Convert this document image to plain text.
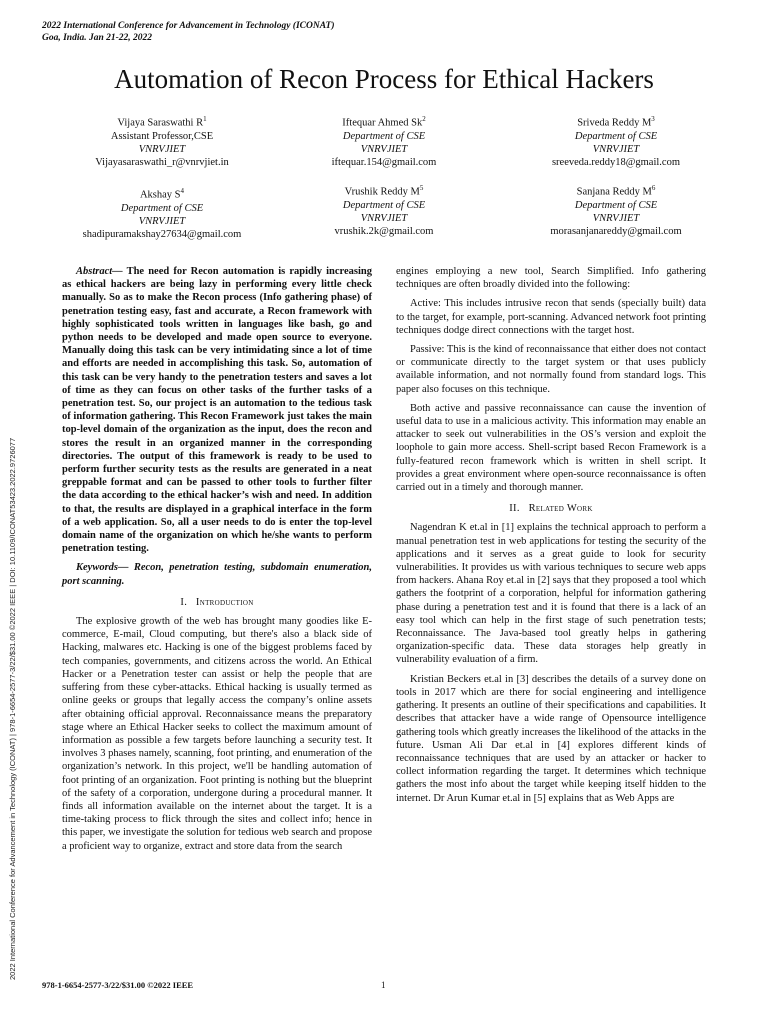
2022 International Conference for Advancement in Technology (ICONAT)
Goa, India. Jan 21-22, 2022
Automation of Recon Process for Ethical Hackers
Vijaya Saraswathi $R^1$
Assistant Professor,CSE
VNRVJIET
Vijayasaraswathi_r@vnrvjiet.in
Iftequar Ahmed Sk$^2$
Department of CSE
VNRVJIET
iftequar.154@gmail.com
Sriveda Reddy $M^3$
Department of CSE
VNRVJIET
sreeveda.reddy18@gmail.com
Akshay $S^4$
Department of CSE
VNRVJIET
shadipuramakshay27634@gmail.com
Vrushik Reddy $M^5$
Department of CSE
VNRVJIET
vrushik.2k@gmail.com
Sanjana Reddy $M^6$
Department of CSE
VNRVJIET
morasanjanareddy@gmail.com

Abstract— The need for Recon automation is rapidly increasing as ethical hackers are being lazy in performing every little check manually. So as to make the Recon process (Info gathering phase) of penetration testing easy, fast and accurate, a Recon framework with highly sophisticated tools written in languages like bash, go and python needs to be developed and made open source to everyone. Manually doing this task can be very intimidating since a lot of time and efforts are needed in accomplishing this task. So, automation of this task can be very handy to the penetration testers and saves a lot of time as they can focus on other tasks of the further tasks of a penetration test. So, our project is an automation to the tedious task of information gathering. This Recon Framework just takes the main top-level domain of the organization as the input, does the recon and stores the result in an organized manner in the corresponding directories. The output of this framework is ready to be used to perform further security tests as the results are generated in a neat greppable format and can be passed to other tools to further filter the data according to the ethical hacker’s wish and need. In addition to that, the results are displayed in a graphical interface in the form of a web application. So, all a user needs to do is enter the top-level domain name of the organization on which he/she wants to perform penetration testing.

Keywords— Recon, penetration testing, subdomain enumeration, port scanning.

I. Introduction

The explosive growth of the web has brought many goodies like E-commerce, E-mail, Cloud computing, but there's also a black side of Hacking, malwares etc. Hacking is one of the biggest problems faced by tech companies, governments, and citizens across the world. An Ethical Hacker or a Penetration tester can assist or help the people that are suffering from these cyber-attacks. Ethical hacking is usually termed as online geeks or groups that legally access the company’s online assets after obtaining official approval. Reconnaissance means the preparatory stage where an Ethical Hacker seeks to collect the maximum amount of information as possible a few targets before launching a security test. It involves 3 phases namely, scanning, foot printing, and enumeration of the organization’s network. In this project, we'll be handling automation of foot printing of an organization. Foot printing is nothing but the blueprint of the safety of a corporation, undergone during a procedural manner. It finds all information available on the internet about the target. It is a time-taking process to flick through the sites and collect info; hence in this paper, we investigate the solution for tedious web search and propose a proficient way to organize, extract and store data from the search

engines employing a new tool, Search Simplified. Info gathering techniques are often broadly divided into the following:

Active: This includes intrusive recon that sends (specially built) data to the target, for example, port-scanning. Advanced network foot printing techniques dodge direct connections with the target host.

Passive: This is the kind of reconnaissance that either does not contact or communicate directly to the target system or that uses publicly available information, and not normally found from standard logs. This paper also focuses on this technique.

Both active and passive reconnaissance can cause the invention of useful data to use in a malicious activity. This information may enable an attacker to seek out vulnerabilities in the OS’s version and exploit the loophole to gain more access. Shell-script based Recon Framework is a fully-featured recon framework which is written in shell script. It provides a great environment where open-source reconnaissance is often carried out in a timely and thorough manner.

II. Related Work

Nagendran K et.al in [1] explains the technical approach to perform a manual penetration test in web applications for testing the security of the applications and it serves as a great guide to look for security vulnerabilities. It provides us with various techniques to secure web apps from hackers. Ahana Roy et.al in [2] says that they proposed a tool which gathers the footprint of a corporation, helpful for information gathering phase during a penetration test and it is found that there is a lack of an easy tool which can help in the first stage of such penetration tests; Reconnaissance. The Java-based tool greatly helps in gathering organization-specific data. These data storages help greatly in vulnerability evaluation of a firm.

Kristian Beckers et.al in [3] describes the details of a survey done on tools in 2017 which are there for social engineering and intelligence gathering. It presents an outline of their specifications and capabilities. It describes that attacker have a wide range of Opensource intelligence gathering tools which greatly increases the likelihood of the attacks in the future. Usman Ali Dar et.al in [4] explores different kinds of reconnaissance techniques that are used by an attacker or hacker to collect information regarding the target. It determines which technique gathers the most info about the target while keeping itself hidden to the internet. Dr Arun Kumar et.al in [5] explains that as Web Apps are

2022 International Conference for Advancement in Technology (ICONAT) | 978-1-6654-2577-3/22/$31.00 ©2022 IEEE | DOI: 10.1109/ICONAT53423.2022.9726077
978-1-6654-2577-3/22/$31.00 ©2022 IEEE	1
